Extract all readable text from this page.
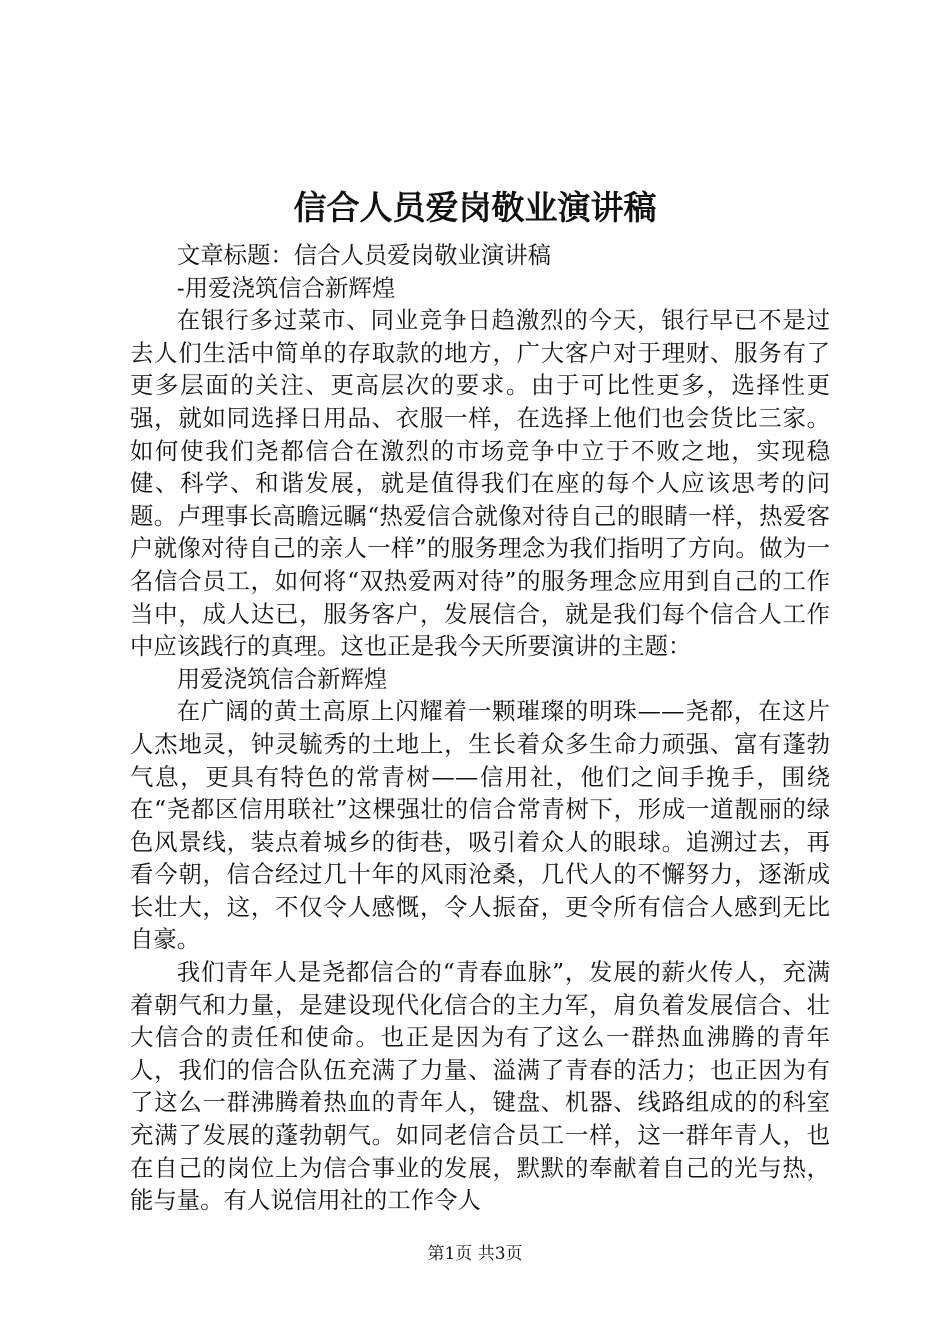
信合人员爱岗敬业演讲稿

文章标题：信合人员爱岗敬业演讲稿

-用爱浇筑信合新辉煌

在银行多过菜市、同业竞争日趋激烈的今天，银行早已不是过去人们生活中简单的存取款的地方，广大客户对于理财、服务有了更多层面的关注、更高层次的要求。由于可比性更多，选择性更强，就如同选择日用品、衣服一样，在选择上他们也会货比三家。如何使我们尧都信合在激烈的市场竞争中立于不败之地，实现稳健、科学、和谐发展，就是值得我们在座的每个人应该思考的问题。卢理事长高瞻远瞩“热爱信合就像对待自己的眼睛一样，热爱客户就像对待自己的亲人一样”的服务理念为我们指明了方向。做为一名信合员工，如何将“双热爱两对待”的服务理念应用到自己的工作当中，成人达已，服务客户，发展信合，就是我们每个信合人工作中应该践行的真理。这也正是我今天所要演讲的主题：

用爱浇筑信合新辉煌

在广阔的黄土高原上闪耀着一颗璀璨的明珠——尧都，在这片人杰地灵，钟灵毓秀的土地上，生长着众多生命力顽强、富有蓬勃气息，更具有特色的常青树——信用社，他们之间手挽手，围绕在“尧都区信用联社”这棵强壮的信合常青树下，形成一道靓丽的绿色风景线，装点着城乡的街巷，吸引着众人的眼球。追溯过去，再看今朝，信合经过几十年的风雨沧桑，几代人的不懈努力，逐渐成长壮大，这，不仅令人感慨，令人振奋，更令所有信合人感到无比自豪。

我们青年人是尧都信合的“青春血脉”，发展的薪火传人，充满着朝气和力量，是建设现代化信合的主力军，肩负着发展信合、壮大信合的责任和使命。也正是因为有了这么一群热血沸腾的青年人，我们的信合队伍充满了力量、溢满了青春的活力；也正因为有了这么一群沸腾着热血的青年人，键盘、机器、线路组成的的科室充满了发展的蓬勃朝气。如同老信合员工一样，这一群年青人，也在自己的岗位上为信合事业的发展，默默的奉献着自己的光与热，能与量。有人说信用社的工作令人

第1页 共3页
